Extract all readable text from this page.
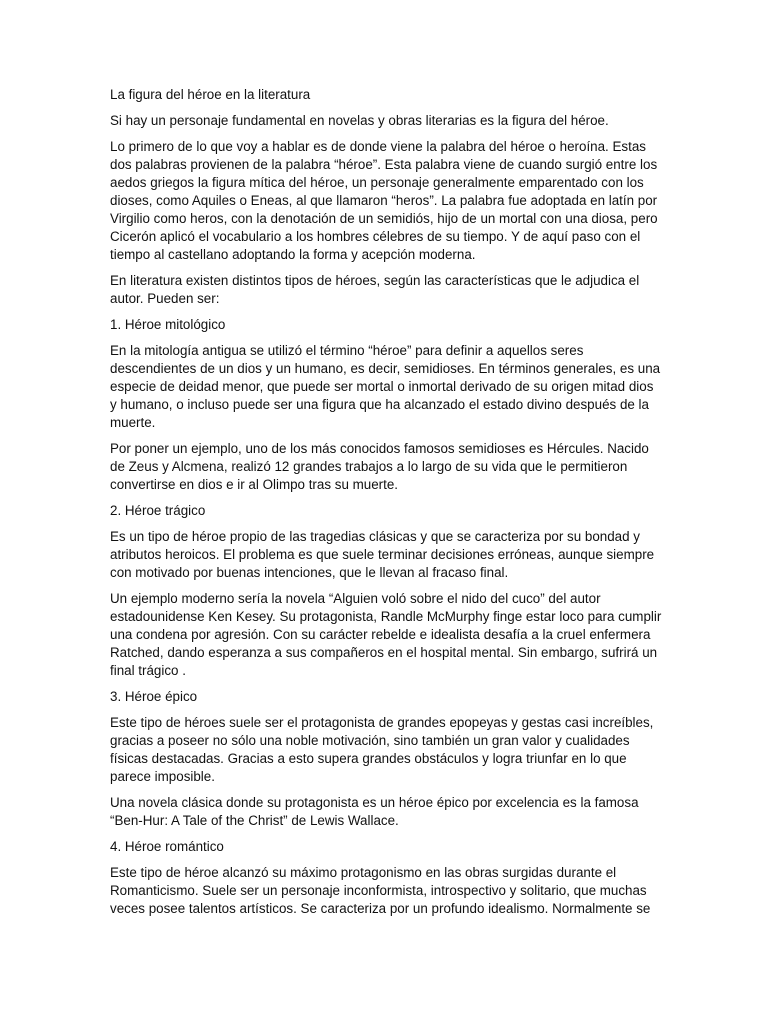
La figura del héroe en la literatura

Si hay un personaje fundamental en novelas y obras literarias es la figura del héroe.

Lo primero de lo que voy a hablar es de donde viene la palabra del héroe o heroína. Estas dos palabras provienen de la palabra “héroe”. Esta palabra viene de cuando surgió entre los aedos griegos la figura mítica del héroe, un personaje generalmente emparentado con los dioses, como Aquiles o Eneas, al que llamaron “heros”. La palabra fue adoptada en latín por Virgilio como heros, con la denotación de un semidiós, hijo de un mortal con una diosa, pero Cicerón aplicó el vocabulario a los hombres célebres de su tiempo. Y de aquí paso con el tiempo al castellano adoptando la forma y acepción moderna.

En literatura existen distintos tipos de héroes, según las características que le adjudica el autor. Pueden ser:

1. Héroe mitológico

En la mitología antigua se utilizó el término “héroe” para definir a aquellos seres descendientes de un dios y un humano, es decir, semidioses. En términos generales, es una especie de deidad menor, que puede ser mortal o inmortal derivado de su origen mitad dios y humano, o incluso puede ser una figura que ha alcanzado el estado divino después de la muerte.

Por poner un ejemplo, uno de los más conocidos famosos semidioses es Hércules. Nacido de Zeus y Alcmena, realizó 12 grandes trabajos a lo largo de su vida que le permitieron convertirse en dios e ir al Olimpo tras su muerte.

2. Héroe trágico

Es un tipo de héroe propio de las tragedias clásicas y que se caracteriza por su bondad y atributos heroicos. El problema es que suele terminar decisiones erróneas, aunque siempre con motivado por buenas intenciones, que le llevan al fracaso final.

Un ejemplo moderno sería la novela “Alguien voló sobre el nido del cuco” del autor estadounidense Ken Kesey. Su protagonista, Randle McMurphy finge estar loco para cumplir una condena por agresión. Con su carácter rebelde e idealista desafía a la cruel enfermera Ratched, dando esperanza a sus compañeros en el hospital mental. Sin embargo, sufrirá un final trágico .

3. Héroe épico

Este tipo de héroes suele ser el protagonista de grandes epopeyas y gestas casi increíbles, gracias a poseer no sólo una noble motivación, sino también un gran valor y cualidades físicas destacadas. Gracias a esto supera grandes obstáculos y logra triunfar en lo que parece imposible.

Una novela clásica donde su protagonista es un héroe épico por excelencia es la famosa “Ben-Hur: A Tale of the Christ” de Lewis Wallace.

4. Héroe romántico

Este tipo de héroe alcanzó su máximo protagonismo en las obras surgidas durante el Romanticismo. Suele ser un personaje inconformista, introspectivo y solitario, que muchas veces posee talentos artísticos. Se caracteriza por un profundo idealismo. Normalmente se
